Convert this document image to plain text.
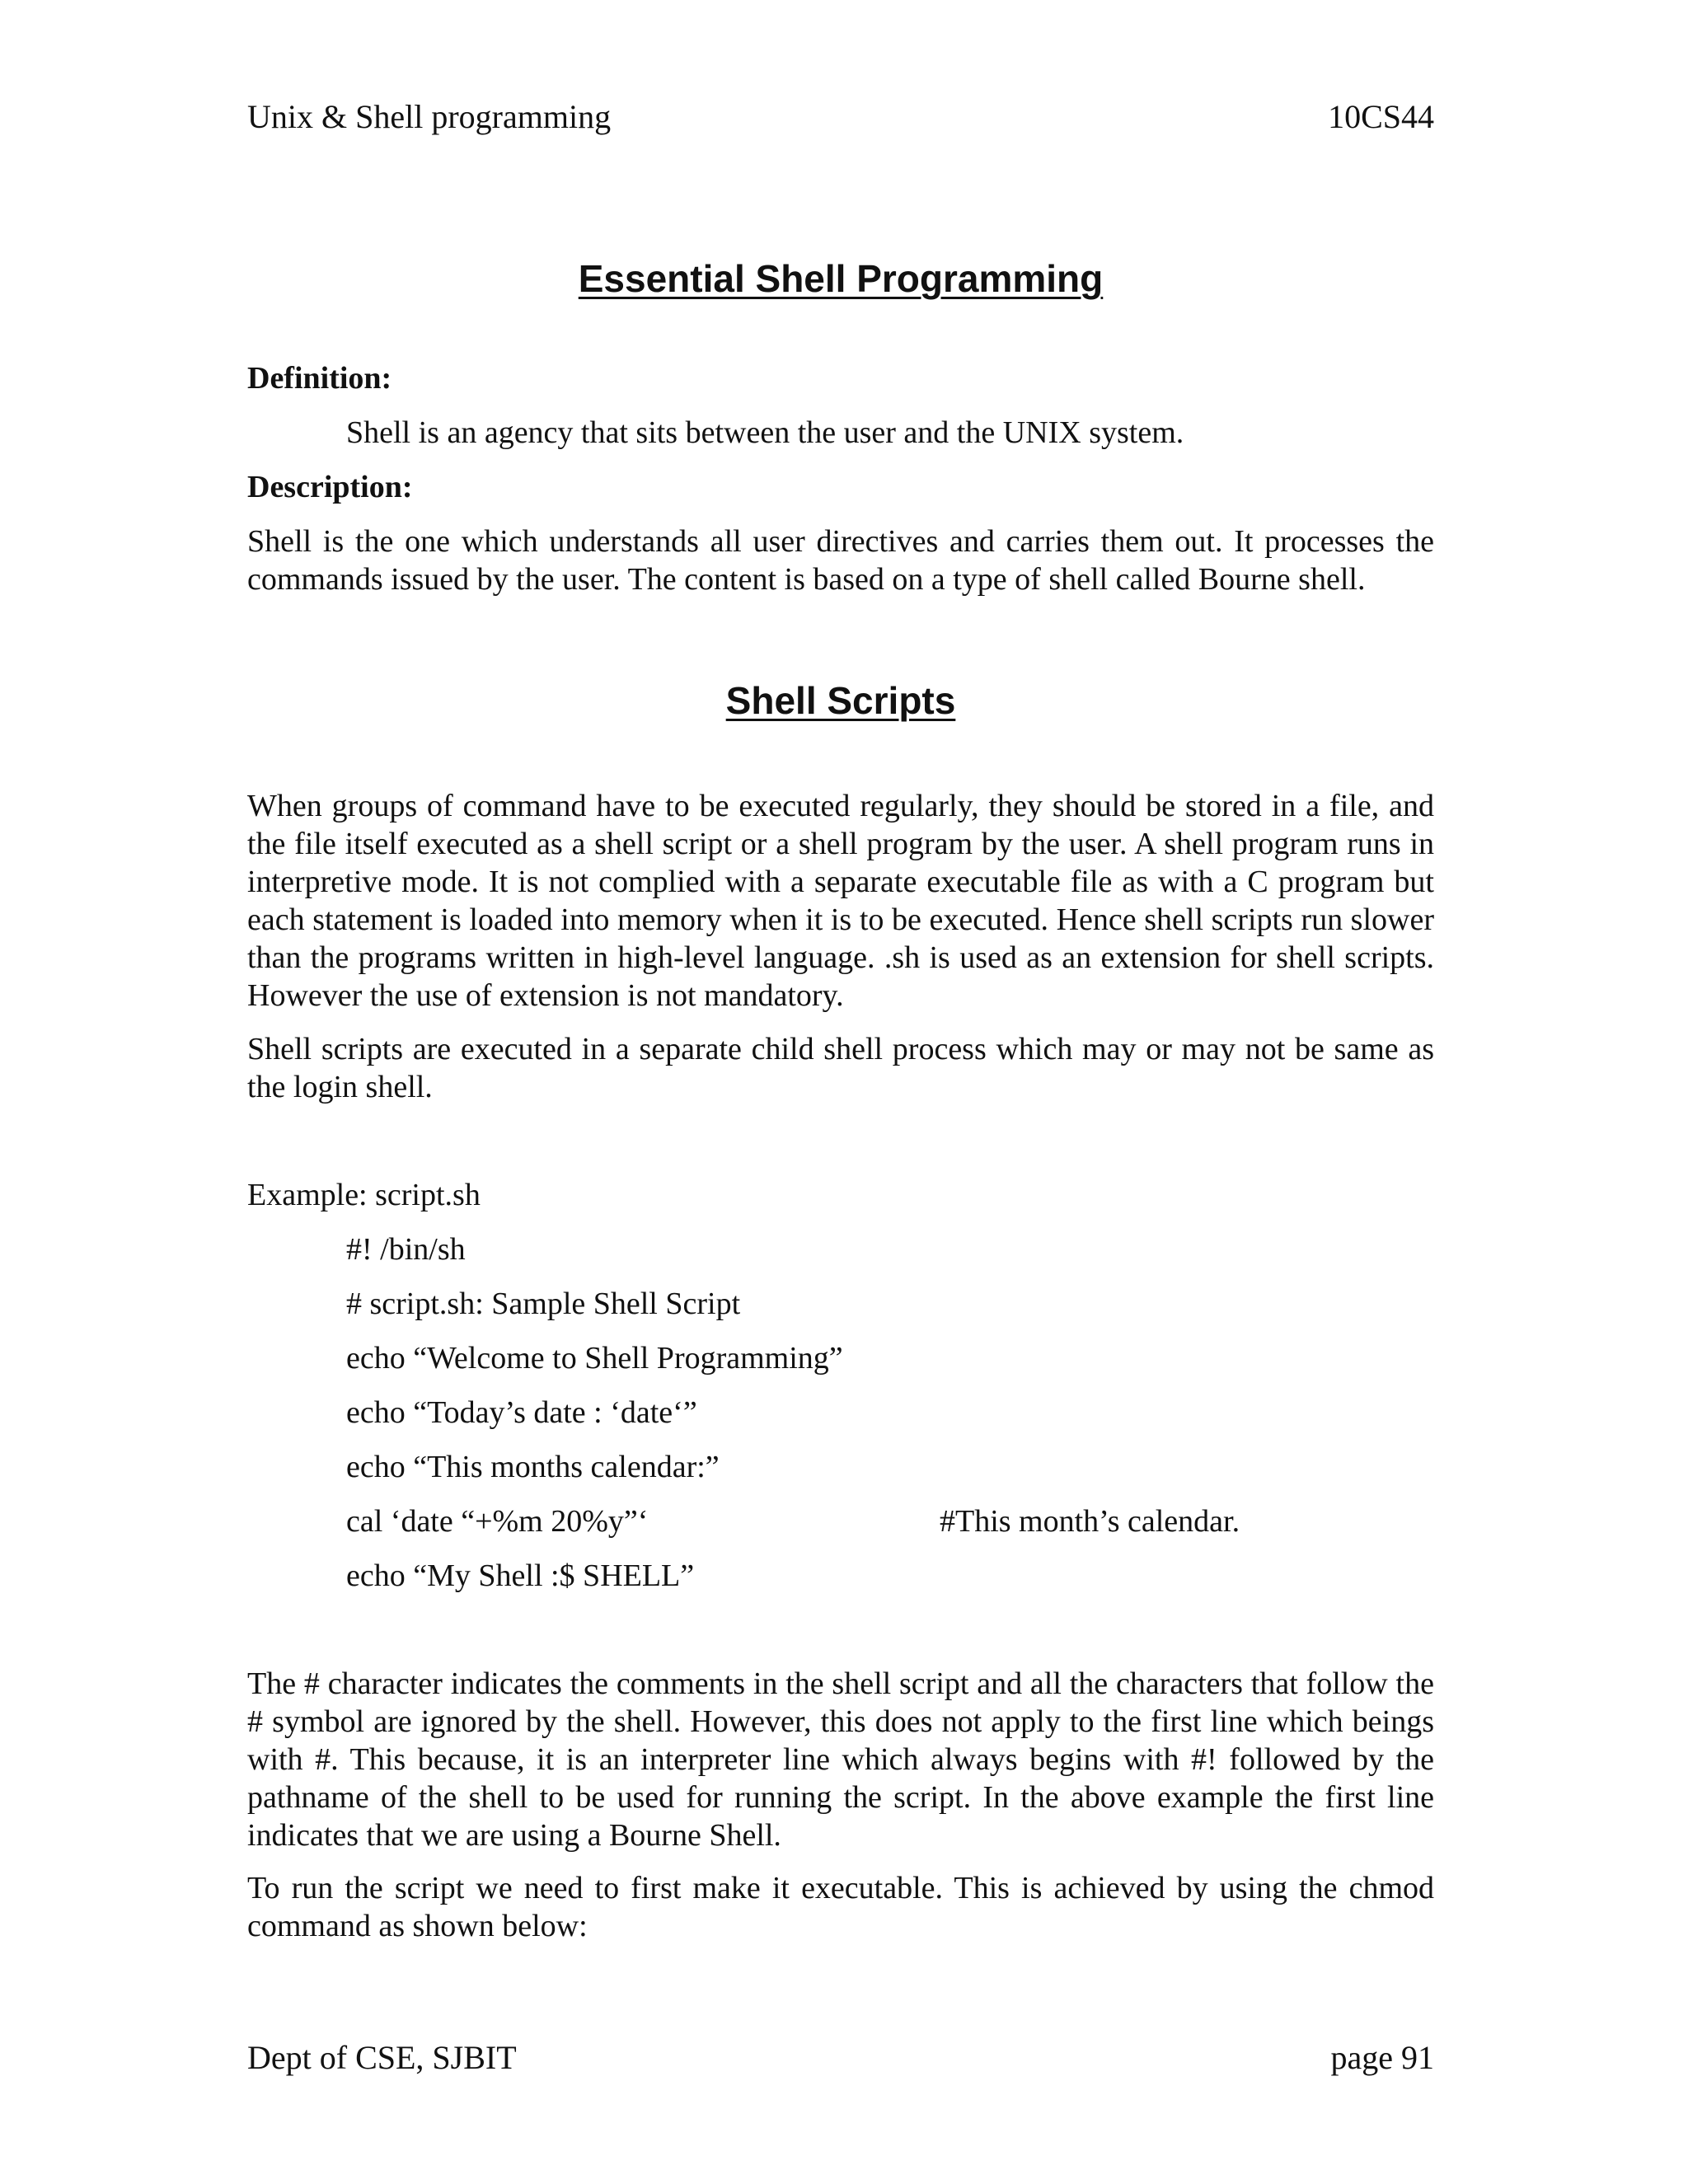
Unix & Shell programming	10CS44
Essential Shell Programming
Definition:
Shell is an agency that sits between the user and the UNIX system.
Description:

Shell is the one which understands all user directives and carries them out. It processes the commands issued by the user. The content is based on a type of shell called Bourne shell.

Shell Scripts

When groups of command have to be executed regularly, they should be stored in a file, and the file itself executed as a shell script or a shell program by the user. A shell program runs in interpretive mode. It is not complied with a separate executable file as with a C program but each statement is loaded into memory when it is to be executed. Hence shell scripts run slower than the programs written in high-level language. .sh is used as an extension for shell scripts. However the use of extension is not mandatory.

Shell scripts are executed in a separate child shell process which may or may not be same as the login shell.

Example: script.sh
#! /bin/sh
# script.sh: Sample Shell Script
echo “Welcome to Shell Programming”
echo “Today’s date : ‘date‘”
echo “This months calendar:”
cal ‘date “+%m 20%y”‘	#This month’s calendar.
echo “My Shell :$ SHELL”

The # character indicates the comments in the shell script and all the characters that follow the # symbol are ignored by the shell. However, this does not apply to the first line which beings with #. This because, it is an interpreter line which always begins with #! followed by the pathname of the shell to be used for running the script. In the above example the first line indicates that we are using a Bourne Shell.

To run the script we need to first make it executable. This is achieved by using the chmod command as shown below:

Dept of CSE, SJBIT	page 91
